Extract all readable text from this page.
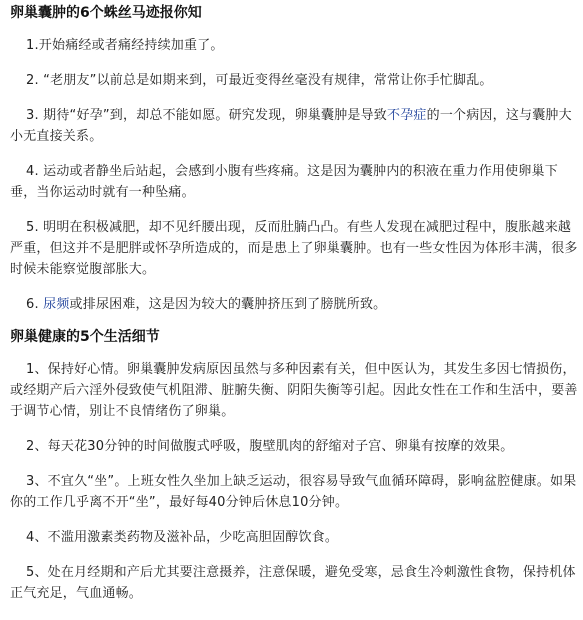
卵巢囊肿的6个蛛丝马迹报你知

1.开始痛经或者痛经持续加重了。

2. “老朋友”以前总是如期来到，可最近变得丝毫没有规律，常常让你手忙脚乱。

3. 期待“好孕”到，却总不能如愿。研究发现，卵巢囊肿是导致不孕症的一个病因，这与囊肿大小无直接关系。

4. 运动或者静坐后站起，会感到小腹有些疼痛。这是因为囊肿内的积液在重力作用使卵巢下垂，当你运动时就有一种坠痛。

5. 明明在积极减肥，却不见纤腰出现，反而肚腩凸凸。有些人发现在减肥过程中，腹胀越来越严重，但这并不是肥胖或怀孕所造成的，而是患上了卵巢囊肿。也有一些女性因为体形丰满，很多时候未能察觉腹部胀大。

6. 尿频或排尿困难，这是因为较大的囊肿挤压到了膀胱所致。

卵巢健康的5个生活细节

1、保持好心情。卵巢囊肿发病原因虽然与多种因素有关，但中医认为，其发生多因七情损伤，或经期产后六淫外侵致使气机阻滞、脏腑失衡、阴阳失衡等引起。因此女性在工作和生活中，要善于调节心情，别让不良情绪伤了卵巢。

2、每天花30分钟的时间做腹式呼吸，腹壁肌肉的舒缩对子宫、卵巢有按摩的效果。

3、不宜久“坐”。上班女性久坐加上缺乏运动，很容易导致气血循环障碍，影响盆腔健康。如果你的工作几乎离不开“坐”，最好每40分钟后休息10分钟。

4、不滥用激素类药物及滋补品，少吃高胆固醇饮食。

5、处在月经期和产后尤其要注意摄养，注意保暖，避免受寒，忌食生冷刺激性食物，保持机体正气充足，气血通畅。
